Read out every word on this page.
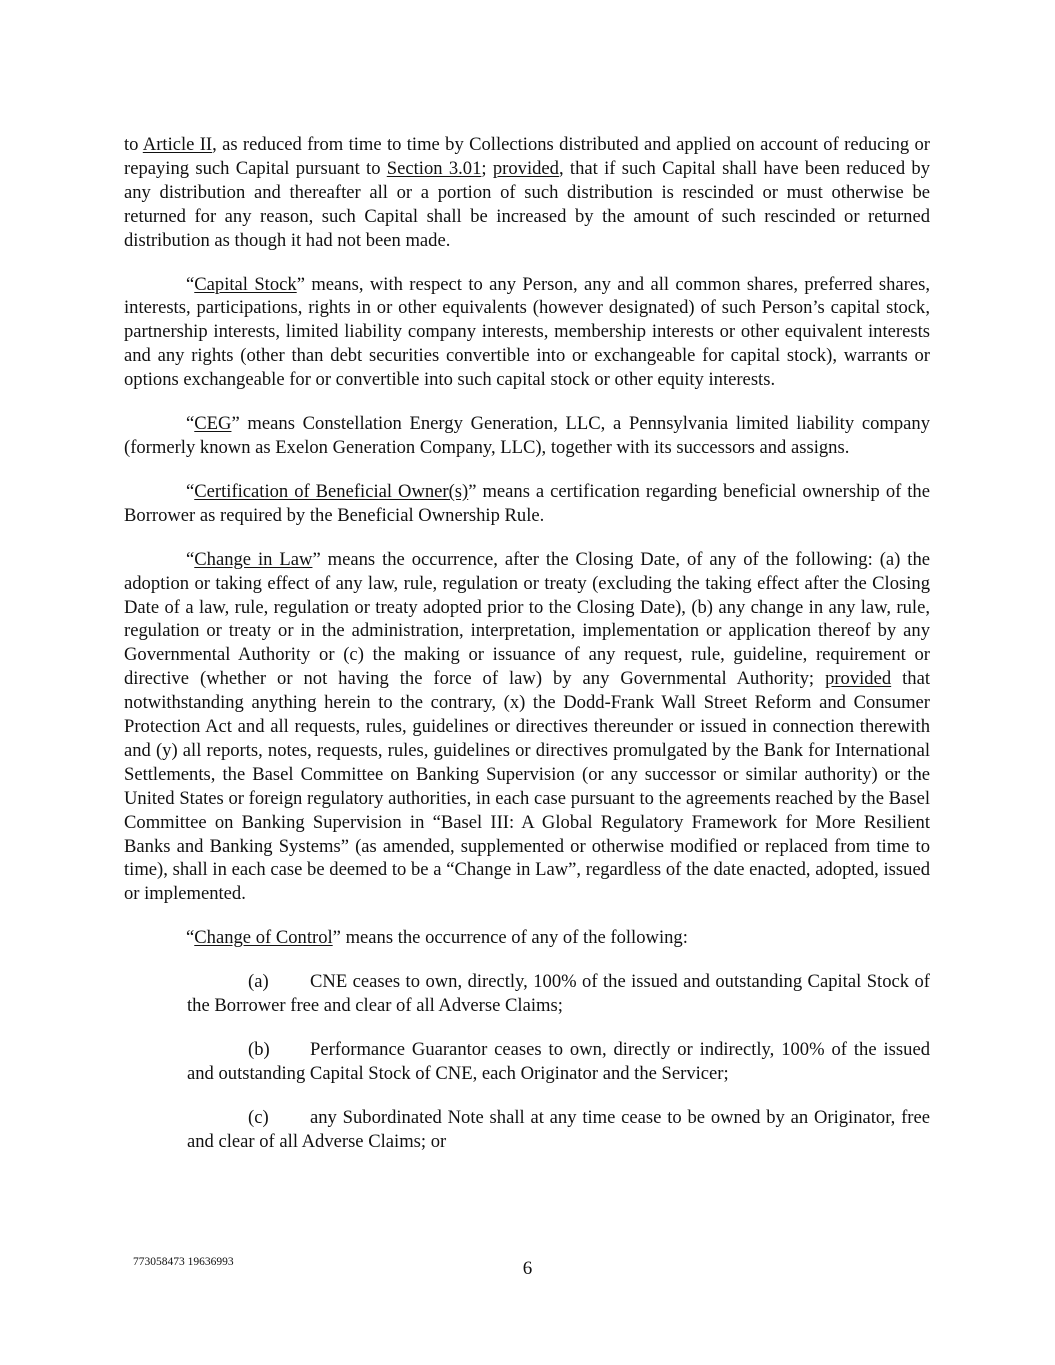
to Article II, as reduced from time to time by Collections distributed and applied on account of reducing or repaying such Capital pursuant to Section 3.01; provided, that if such Capital shall have been reduced by any distribution and thereafter all or a portion of such distribution is rescinded or must otherwise be returned for any reason, such Capital shall be increased by the amount of such rescinded or returned distribution as though it had not been made.

“Capital Stock” means, with respect to any Person, any and all common shares, preferred shares, interests, participations, rights in or other equivalents (however designated) of such Person’s capital stock, partnership interests, limited liability company interests, membership interests or other equivalent interests and any rights (other than debt securities convertible into or exchangeable for capital stock), warrants or options exchangeable for or convertible into such capital stock or other equity interests.

“CEG” means Constellation Energy Generation, LLC, a Pennsylvania limited liability company (formerly known as Exelon Generation Company, LLC), together with its successors and assigns.

“Certification of Beneficial Owner(s)” means a certification regarding beneficial ownership of the Borrower as required by the Beneficial Ownership Rule.

“Change in Law” means the occurrence, after the Closing Date, of any of the following: (a) the adoption or taking effect of any law, rule, regulation or treaty (excluding the taking effect after the Closing Date of a law, rule, regulation or treaty adopted prior to the Closing Date), (b) any change in any law, rule, regulation or treaty or in the administration, interpretation, implementation or application thereof by any Governmental Authority or (c) the making or issuance of any request, rule, guideline, requirement or directive (whether or not having the force of law) by any Governmental Authority; provided that notwithstanding anything herein to the contrary, (x) the Dodd-Frank Wall Street Reform and Consumer Protection Act and all requests, rules, guidelines or directives thereunder or issued in connection therewith and (y) all reports, notes, requests, rules, guidelines or directives promulgated by the Bank for International Settlements, the Basel Committee on Banking Supervision (or any successor or similar authority) or the United States or foreign regulatory authorities, in each case pursuant to the agreements reached by the Basel Committee on Banking Supervision in “Basel III: A Global Regulatory Framework for More Resilient Banks and Banking Systems” (as amended, supplemented or otherwise modified or replaced from time to time), shall in each case be deemed to be a “Change in Law”, regardless of the date enacted, adopted, issued or implemented.

“Change of Control” means the occurrence of any of the following:

(a) CNE ceases to own, directly, 100% of the issued and outstanding Capital Stock of the Borrower free and clear of all Adverse Claims;

(b) Performance Guarantor ceases to own, directly or indirectly, 100% of the issued and outstanding Capital Stock of CNE, each Originator and the Servicer;

(c) any Subordinated Note shall at any time cease to be owned by an Originator, free and clear of all Adverse Claims; or

773058473 19636993	6
